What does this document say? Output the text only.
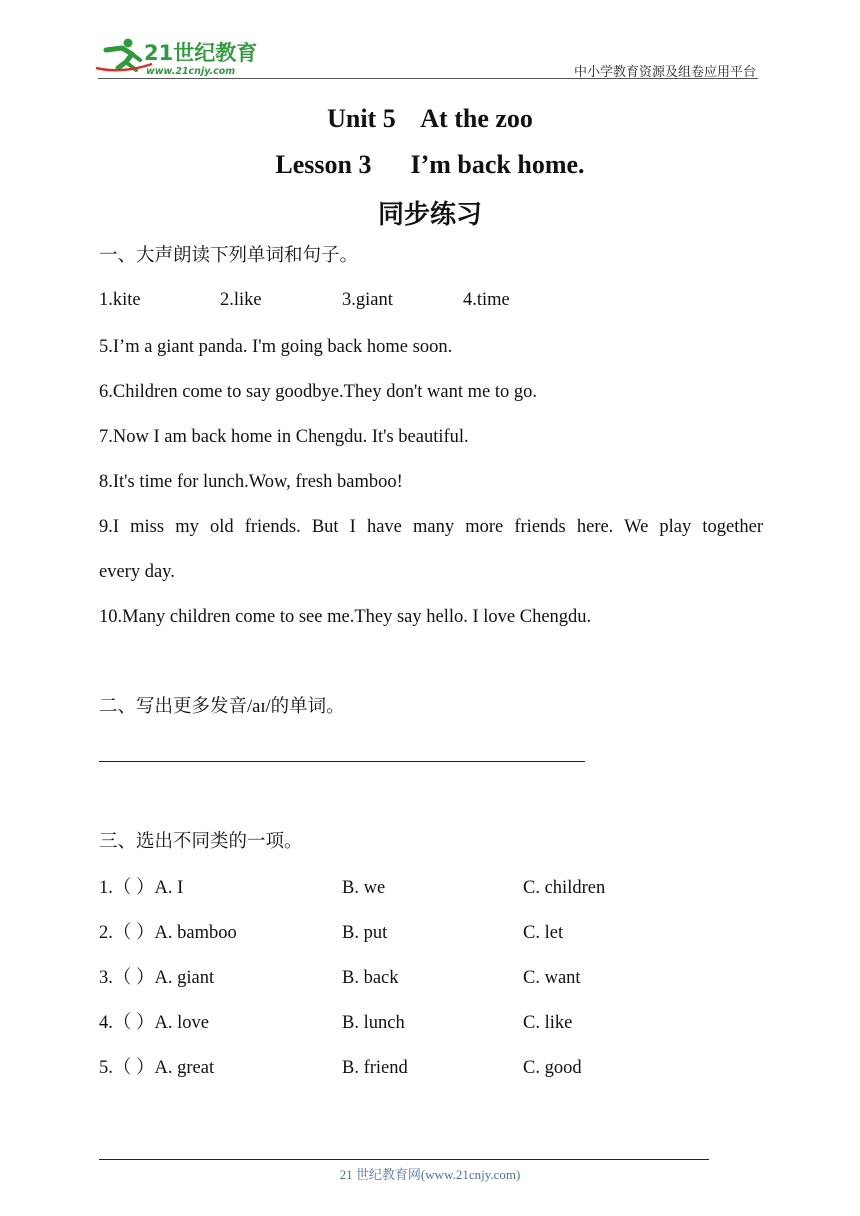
21世纪教育
www.21cnjy.com	中小学教育资源及组卷应用平台
Unit 5    At the zoo
Lesson 3      I’m back home.
同步练习
一、大声朗读下列单词和句子。
1.kite	2.like	3.giant	4.time
5.I’m a giant panda. I'm going back home soon.
6.Children come to say goodbye.They don't want me to go.
7.Now I am back home in Chengdu. It's beautiful.
8.It's time for lunch.Wow, fresh bamboo!
9.I miss my old friends. But I have many more friends here. We play together
every day.
10.Many children come to see me.They say hello. I love Chengdu.
二、写出更多发音/aɪ/的单词。
三、选出不同类的一项。
1.（ ）A. I	B. we	C. children
2.（ ）A. bamboo	B. put	C. let
3.（ ）A. giant	B. back	C. want
4.（ ）A. love	B. lunch	C. like
5.（ ）A. great	B. friend	C. good
21 世纪教育网(www.21cnjy.com)
